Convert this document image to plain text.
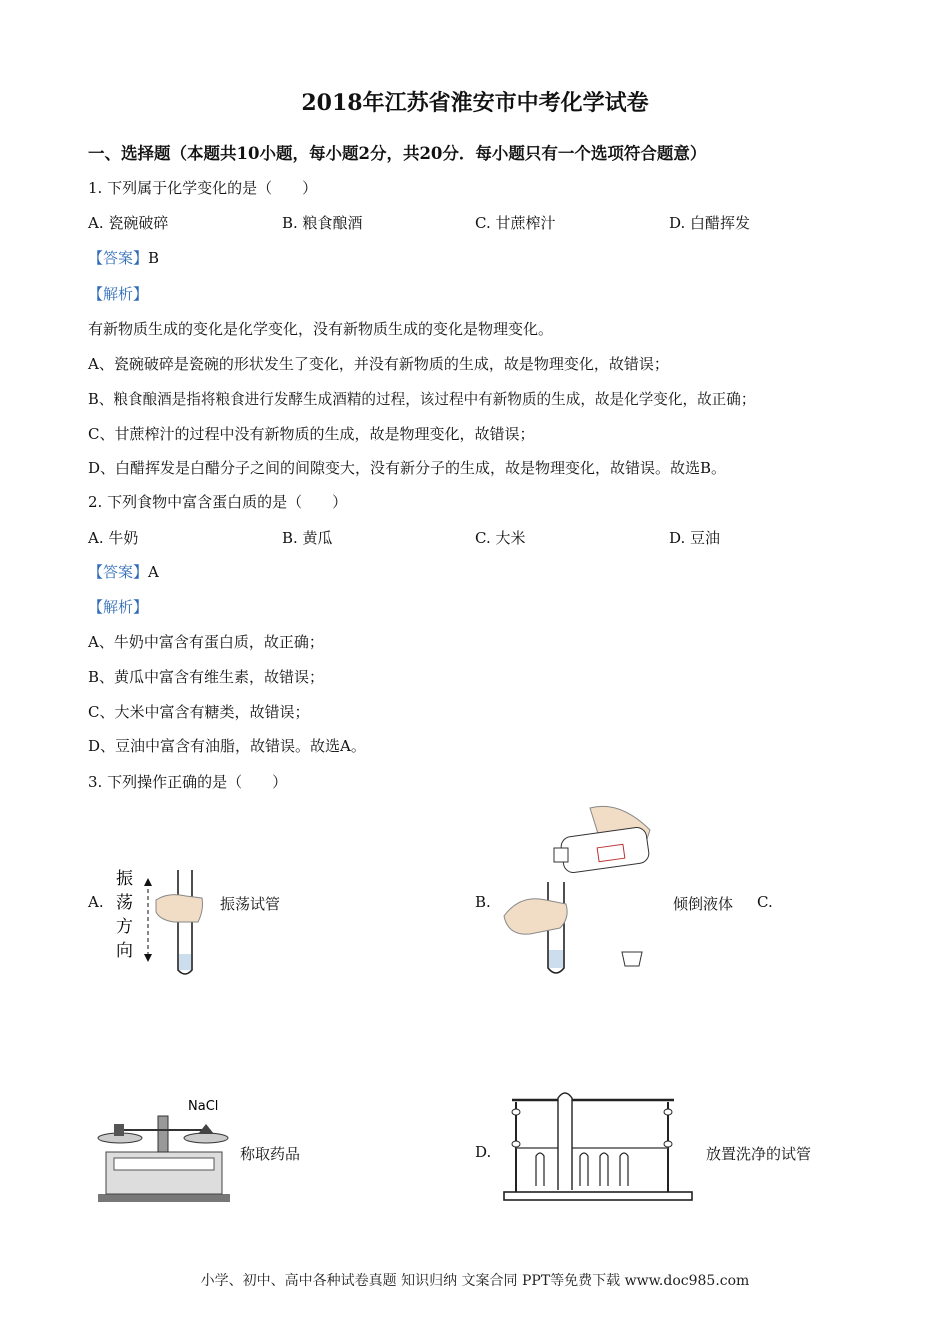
2018年江苏省淮安市中考化学试卷
一、选择题（本题共10小题，每小题2分，共20分．每小题只有一个选项符合题意）
1. 下列属于化学变化的是（　　）
A. 瓷碗破碎	B. 粮食酿酒	C. 甘蔗榨汁	D. 白醋挥发
【答案】B
【解析】
有新物质生成的变化是化学变化，没有新物质生成的变化是物理变化。
A、瓷碗破碎是瓷碗的形状发生了变化，并没有新物质的生成，故是物理变化，故错误；
B、粮食酿酒是指将粮食进行发酵生成酒精的过程，该过程中有新物质的生成，故是化学变化，故正确；
C、甘蔗榨汁的过程中没有新物质的生成，故是物理变化，故错误；
D、白醋挥发是白醋分子之间的间隙变大，没有新分子的生成，故是物理变化，故错误。故选B。
2. 下列食物中富含蛋白质的是（　　）
A. 牛奶	B. 黄瓜	C. 大米	D. 豆油
【答案】A
【解析】
A、牛奶中富含有蛋白质，故正确；
B、黄瓜中富含有维生素，故错误；
C、大米中富含有糖类，故错误；
D、豆油中富含有油脂，故错误。故选A。
3. 下列操作正确的是（　　）
A.
振
荡
方
向
振荡试管	B.	倾倒液体 C.
NaCl
称取药品	D.	放置洗净的试管
小学、初中、高中各种试卷真题 知识归纳 文案合同 PPT等免费下载 www.doc985.com
